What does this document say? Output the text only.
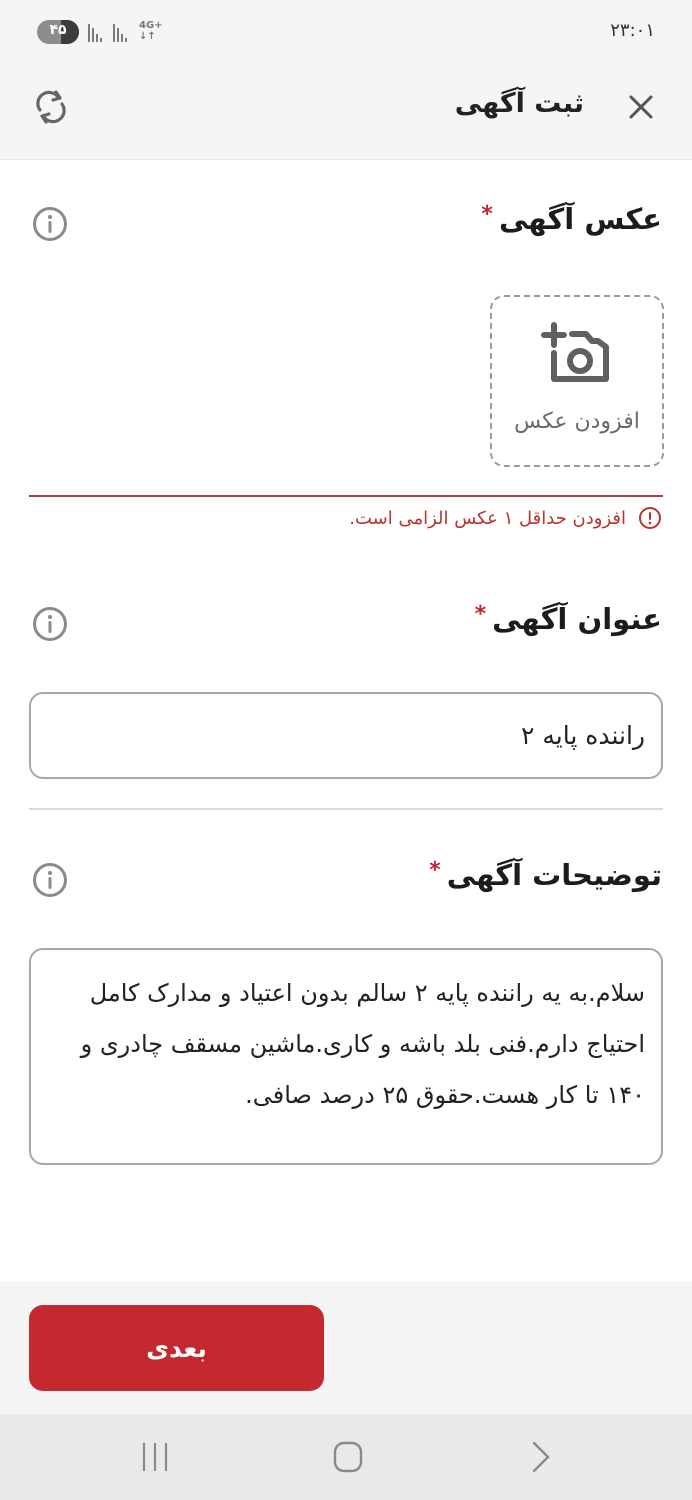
۴۵	4G+
↓↑	۲۳:۰۱
ثبت آگهی
عکس آگهی*
افزودن عکس
افزودن حداقل ۱ عکس الزامی است.
عنوان آگهی*
راننده پایه ۲
توضیحات آگهی*
سلام.به یه راننده پایه ۲ سالم بدون اعتیاد و مدارک کامل احتیاج دارم.فنی بلد باشه و کاری.ماشین مسقف چادری و ۱۴۰ تا کار هست.حقوق ۲۵ درصد صافی.
بعدی
